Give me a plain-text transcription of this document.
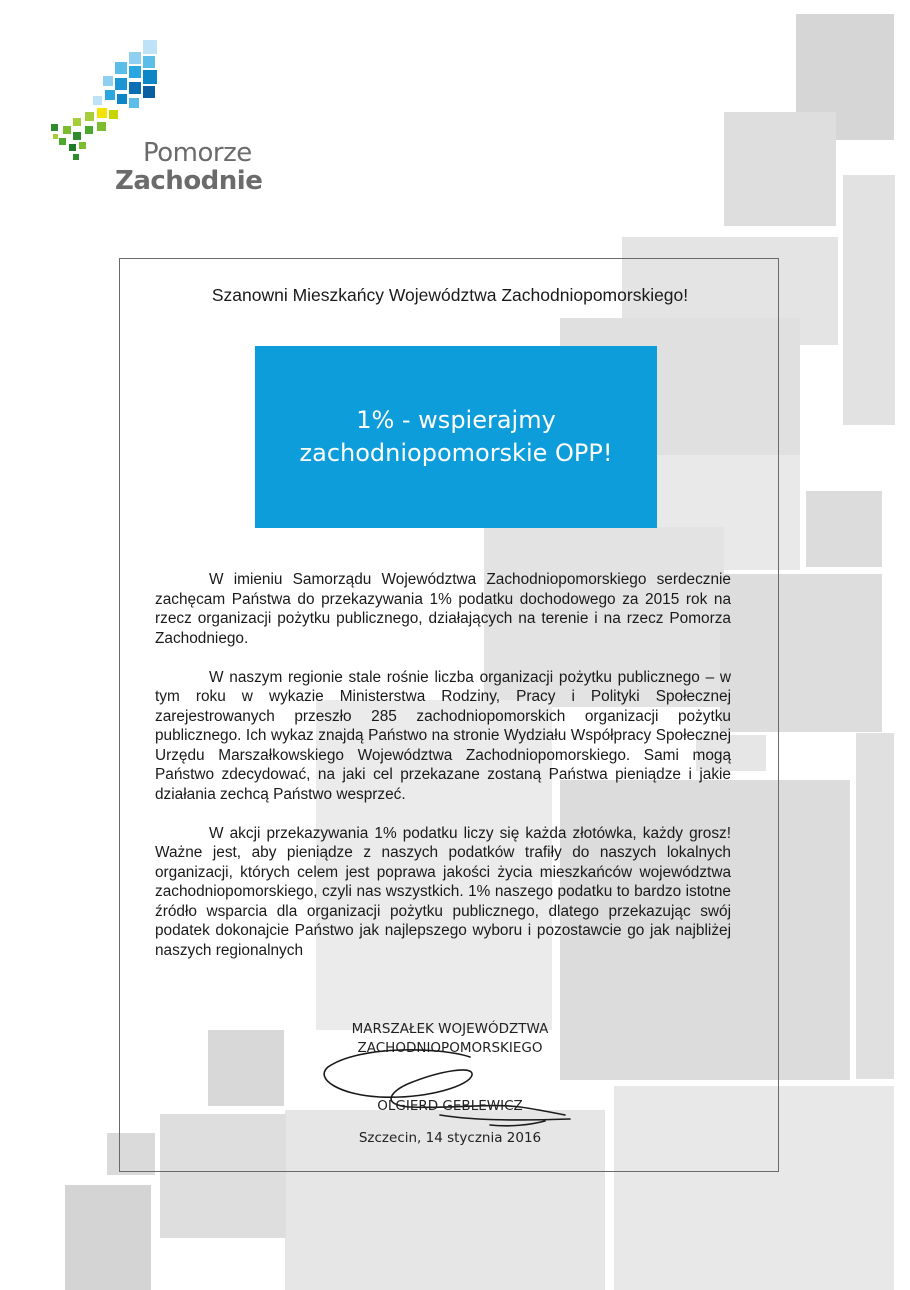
Pomorze
Zachodnie
Szanowni Mieszkańcy Województwa Zachodniopomorskiego!
1% - wspierajmy
zachodniopomorskie OPP!

W imieniu Samorządu Województwa Zachodniopomorskiego serdecznie zachęcam Państwa do przekazywania 1% podatku dochodowego za 2015 rok na rzecz organizacji pożytku publicznego, działających na terenie i na rzecz Pomorza Zachodniego.

W naszym regionie stale rośnie liczba organizacji pożytku publicznego – w tym roku w wykazie Ministerstwa Rodziny, Pracy i Polityki Społecznej zarejestrowanych przeszło 285 zachodniopomorskich organizacji pożytku publicznego. Ich wykaz znajdą Państwo na stronie Wydziału Współpracy Społecznej Urzędu Marszałkowskiego Województwa Zachodniopomorskiego. Sami mogą Państwo zdecydować, na jaki cel przekazane zostaną Państwa pieniądze i jakie działania zechcą Państwo wesprzeć.

W akcji przekazywania 1% podatku liczy się każda złotówka, każdy grosz! Ważne jest, aby pieniądze z naszych podatków trafiły do naszych lokalnych organizacji, których celem jest poprawa jakości życia mieszkańców województwa zachodniopomorskiego, czyli nas wszystkich. 1% naszego podatku to bardzo istotne źródło wsparcia dla organizacji pożytku publicznego, dlatego przekazując swój podatek dokonajcie Państwo jak najlepszego wyboru i pozostawcie go jak najbliżej naszych regionalnych

MARSZAŁEK WOJEWÓDZTWA
ZACHODNIOPOMORSKIEGO
OLGIERD GEBLEWICZ
Szczecin, 14 stycznia 2016
